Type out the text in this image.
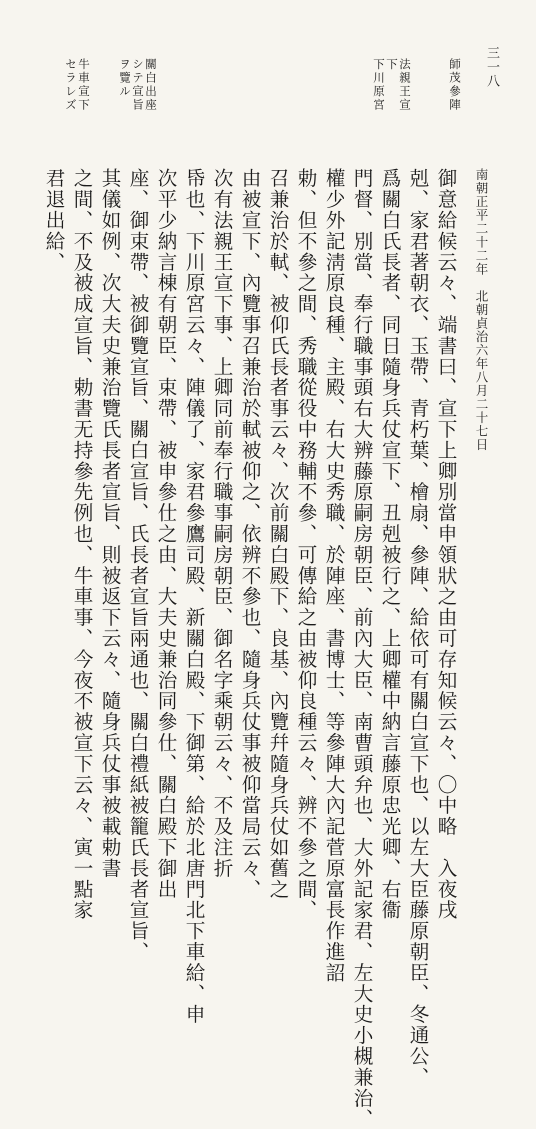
三一八
南朝正平二十二年　北朝貞治六年八月二十七日
師茂參陣
法親王宣
下
下川原宮
關白出座
シテ宣旨
ヲ覽ル
牛車宣下
セラレズ
御意給候云々、端書曰、宣下上卿別當申領狀之由可存知候云々、〇中略　入夜戌
剋、家君著朝衣、玉帶、青朽葉、檜扇、參陣、給依可有關白宣下也、以左大臣藤原朝臣、冬通公、
爲關白氏長者、同日隨身兵仗宣下、丑剋被行之、上卿權中納言藤原忠光卿、右衞
門督、別當、奉行職事頭右大辨藤原嗣房朝臣、前內大臣、南曹頭弁也、大外記家君、左大史小槻兼治、
權少外記淸原良種、主殿、右大史秀職、於陣座、書博士、等參陣大內記菅原富長作進詔
勅、但不參之間、秀職從役中務輔不參、可傳給之由被仰良種云々、辨不參之間、
召兼治於軾、被仰氏長者事云々、次前關白殿下、良基、內覽幷隨身兵仗如舊之
由被宣下、內覽事召兼治於軾被仰之、依辨不參也、隨身兵仗事被仰當局云々、
次有法親王宣下事、上卿同前奉行職事嗣房朝臣、御名字乘朝云々、不及注折
帋也、下川原宮云々、陣儀了、家君參鷹司殿、新關白殿、下御第、給於北唐門北下車給、申
次平少納言棟有朝臣、束帶、被申參仕之由、大夫史兼治同參仕、關白殿下御出
座、御束帶、被御覽宣旨、關白宣旨、氏長者宣旨兩通也、關白禮紙被籠氏長者宣旨、
其儀如例、次大夫史兼治覽氏長者宣旨、則被返下云々、隨身兵仗事被載勅書
之間、不及被成宣旨、勅書无持參先例也、牛車事、今夜不被宣下云々、寅一點家
君退出給、
